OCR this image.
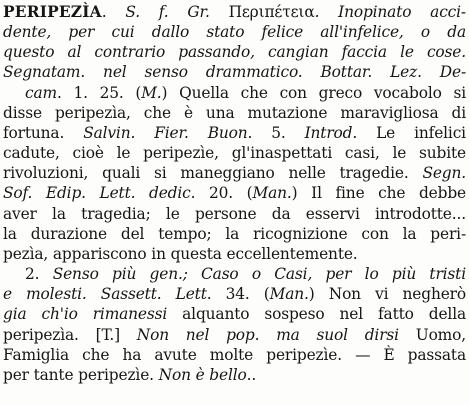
PERIPEZÌA. S. f. Gr. Περιπέτεια. Inopinato acci-
dente, per cui dallo stato felice all'infelice, o da
questo al contrario passando, cangian faccia le cose.
Segnatam. nel senso drammatico. Bottar. Lez. De-
cam. 1. 25. (M.) Quella che con greco vocabolo si
disse peripezìa, che è una mutazione maravigliosa di
fortuna. Salvin. Fier. Buon. 5. Introd. Le infelici
cadute, cioè le peripezìe, gl'inaspettati casi, le subite
rivoluzioni, quali si maneggiano nelle tragedie. Segn.
Sof. Edip. Lett. dedic. 20. (Man.) Il fine che debbe
aver la tragedia; le persone da esservi introdotte...
la durazione del tempo; la ricognizione con la peri-
pezìa, appariscono in questa eccellentemente.
2. Senso più gen.; Caso o Casi, per lo più tristi
e molesti. Sassett. Lett. 34. (Man.) Non vi negherò
gia ch'io rimanessi alquanto sospeso nel fatto della
peripezìa. [T.] Non nel pop. ma suol dirsi Uomo,
Famiglia che ha avute molte peripezìe. — È passata
per tante peripezìe. Non è bello..
